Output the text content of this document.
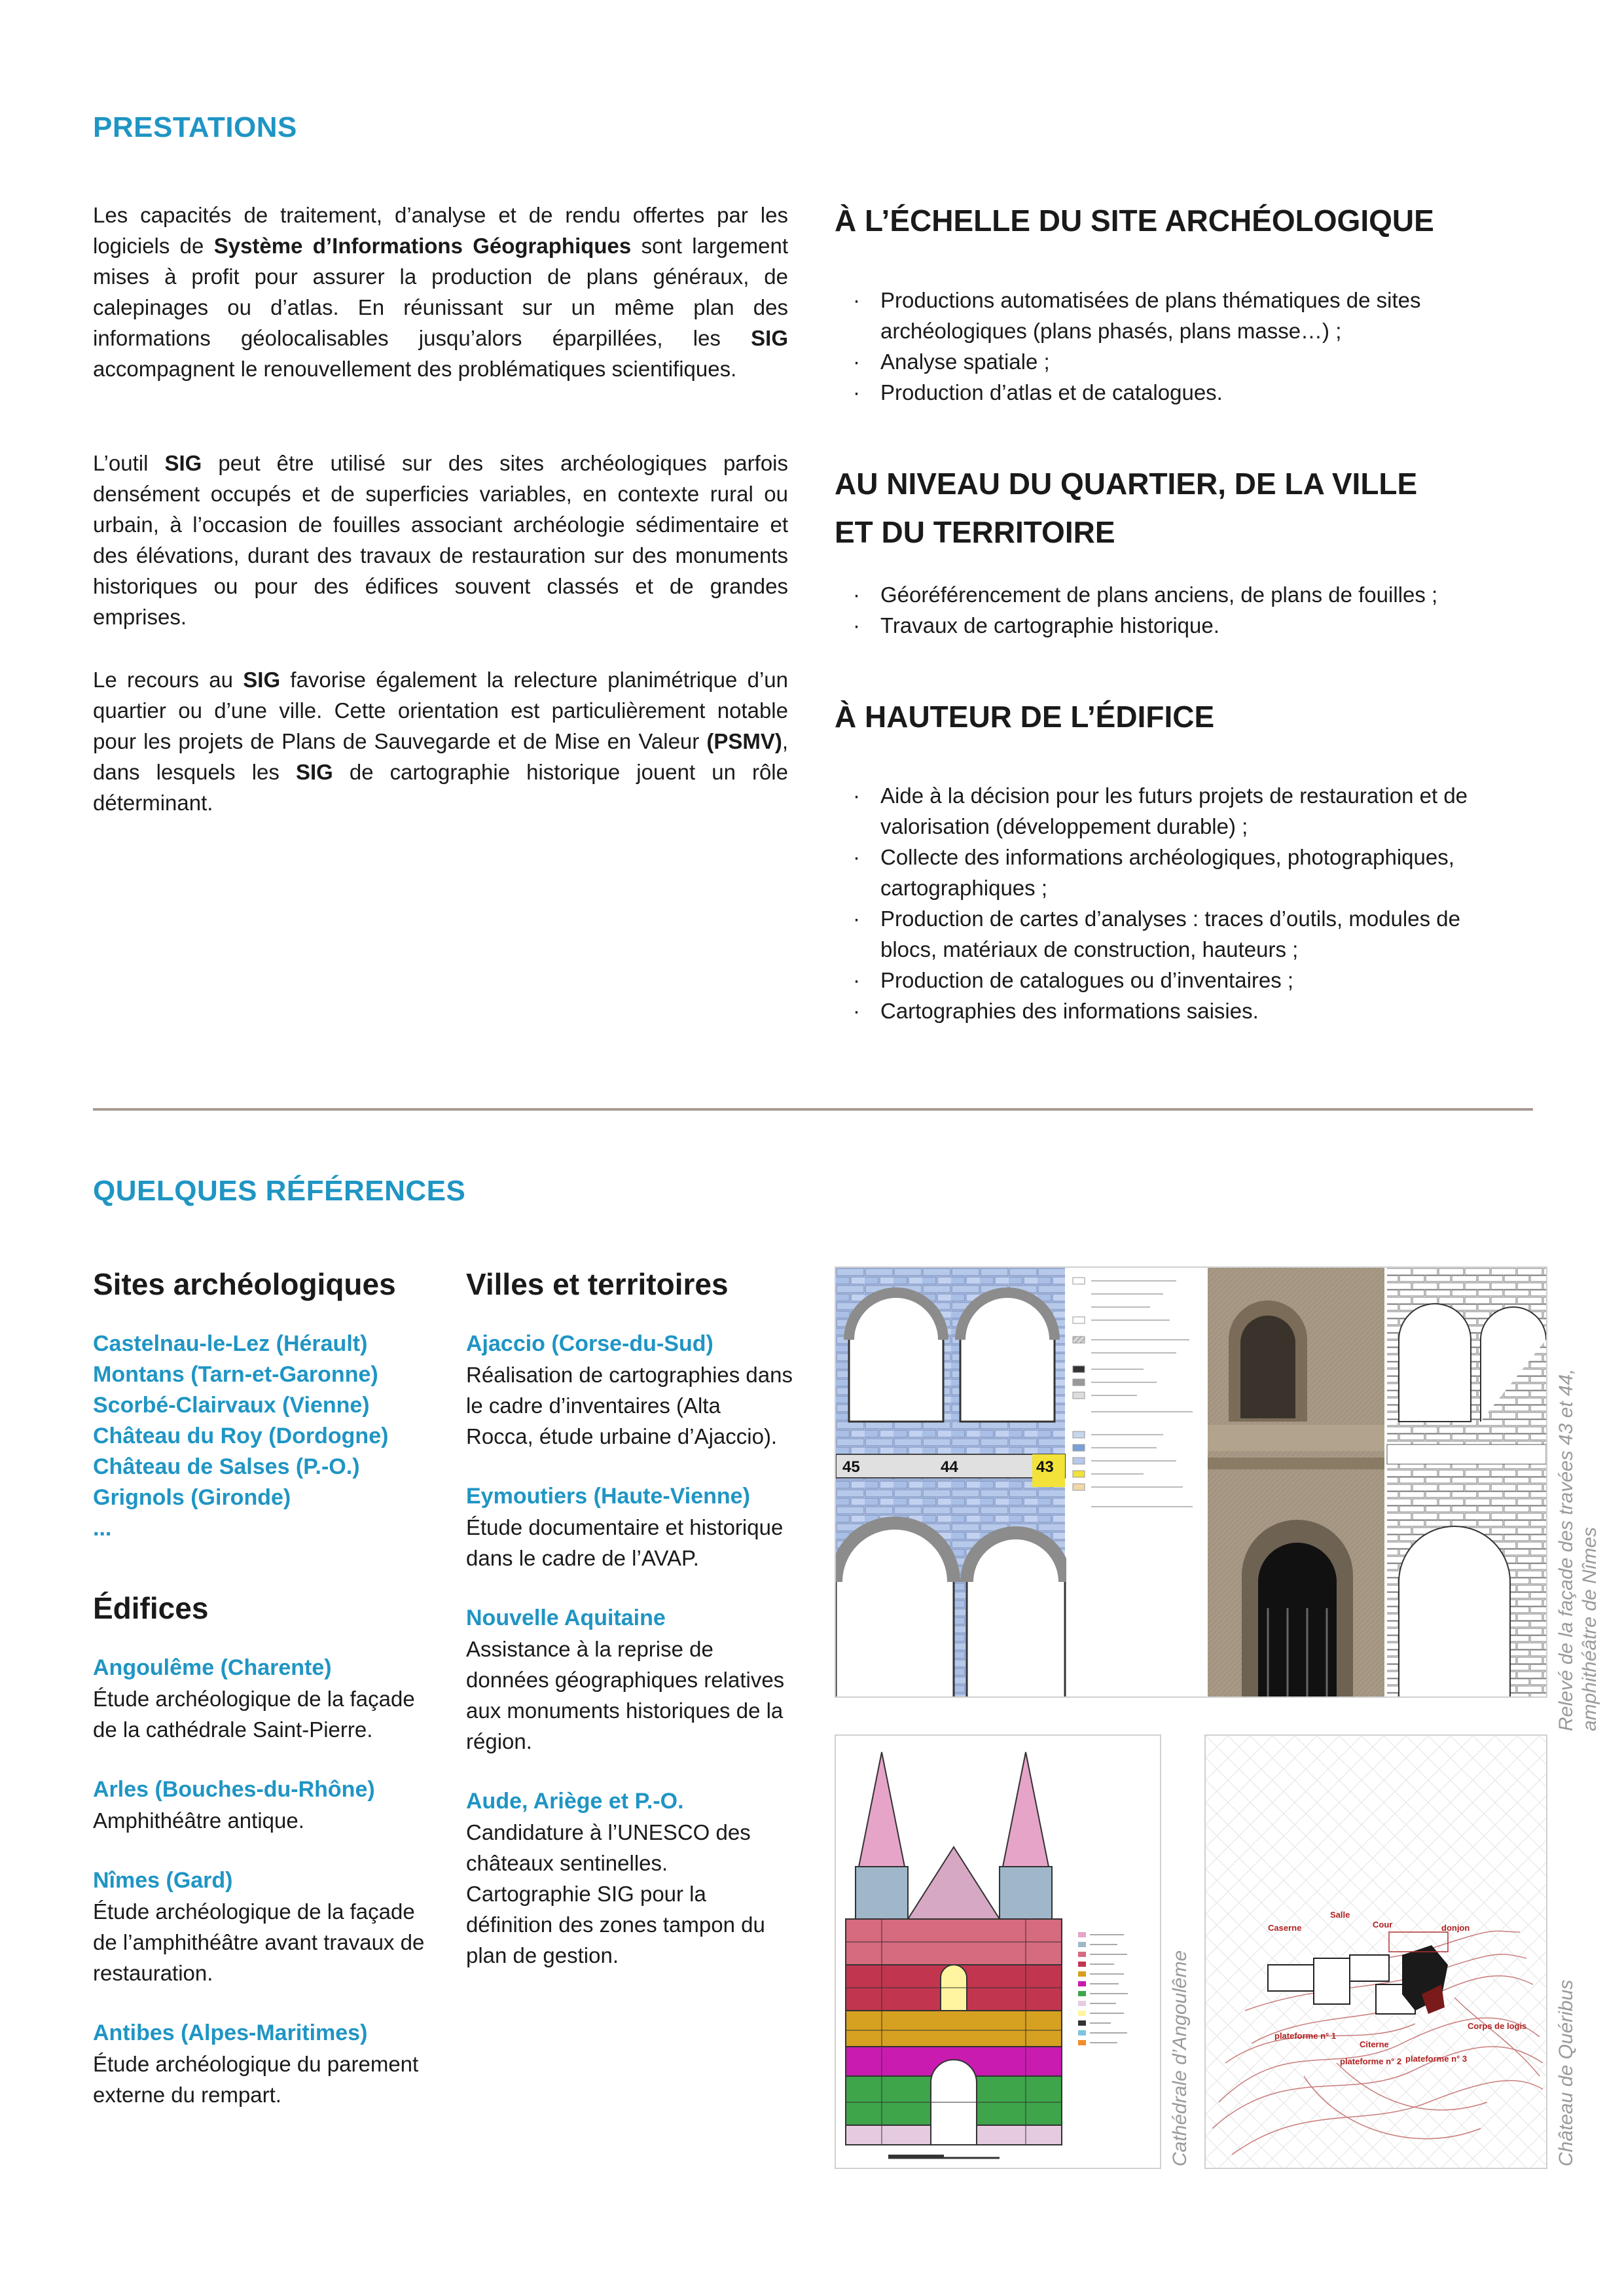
PRESTATIONS

Les capacités de traitement, d’analyse et de rendu offertes par les logiciels de Système d’Informations Géographiques sont largement mises à profit pour assurer la production de plans généraux, de calepinages ou d’atlas. En réunissant sur un même plan des informations géolocalisables jusqu’alors éparpillées, les SIG accompagnent le renouvellement des problématiques scientifiques.

L’outil SIG peut être utilisé sur des sites archéologiques parfois densément occupés et de superficies variables, en contexte rural ou urbain, à l’occasion de fouilles associant archéologie sédimentaire et des élévations, durant des travaux de restauration sur des monuments historiques ou pour des édifices souvent classés et de grandes emprises.

Le recours au SIG favorise également la relecture planimétrique d’un quartier ou d’une ville. Cette orientation est particulièrement notable pour les projets de Plans de Sauvegarde et de Mise en Valeur (PSMV), dans lesquels les SIG de cartographie historique jouent un rôle déterminant.

À L’ÉCHELLE DU SITE ARCHÉOLOGIQUE
· Productions automatisées de plans thématiques de sites archéologiques (plans phasés, plans masse…) ;
· Analyse spatiale ;
· Production d’atlas et de catalogues.
AU NIVEAU DU QUARTIER, DE LA VILLE
ET DU TERRITOIRE
· Géoréférencement de plans anciens, de plans de fouilles ;
· Travaux de cartographie historique.
À HAUTEUR DE L’ÉDIFICE
· Aide à la décision pour les futurs projets de restauration et de valorisation (développement durable) ;
· Collecte des informations archéologiques, photographiques, cartographiques ;
· Production de cartes d’analyses : traces d’outils, modules de blocs, matériaux de construction, hauteurs ;
· Production de catalogues ou d’inventaires ;
· Cartographies des informations saisies.
QUELQUES RÉFÉRENCES
Sites archéologiques

Castelnau-le-Lez (Hérault)

Montans (Tarn-et-Garonne)

Scorbé-Clairvaux (Vienne)

Château du Roy (Dordogne)

Château de Salses (P.-O.)

Grignols (Gironde)

...

Édifices

Angoulême (Charente)

Étude archéologique de la façade de la cathédrale Saint-Pierre.

Arles (Bouches-du-Rhône)

Amphithéâtre antique.

Nîmes (Gard)

Étude archéologique de la façade de l’amphithéâtre avant travaux de restauration.

Antibes (Alpes-Maritimes)

Étude archéologique du parement externe du rempart.

Villes et territoires

Ajaccio (Corse-du-Sud)

Réalisation de cartographies dans le cadre d’inventaires (Alta Rocca, étude urbaine d’Ajaccio).

Eymoutiers (Haute-Vienne)

Étude documentaire et historique dans le cadre de l’AVAP.

Nouvelle Aquitaine

Assistance à la reprise de données géographiques relatives aux monuments historiques de la région.

Aude, Ariège et P.-O.

Candidature à l’UNESCO des châteaux sentinelles. Cartographie SIG pour la définition des zones tampon du plan de gestion.

45	44	43	Relevé de la façade des travées 43 et 44, amphithéâtre de Nîmes
Cathédrale d’Angoulême
Salle
Cour
Caserne	donjon
Corps de logis
plateforme n° 1
Citerne
plateforme n° 2 plateforme n° 3	Château de Quéribus
